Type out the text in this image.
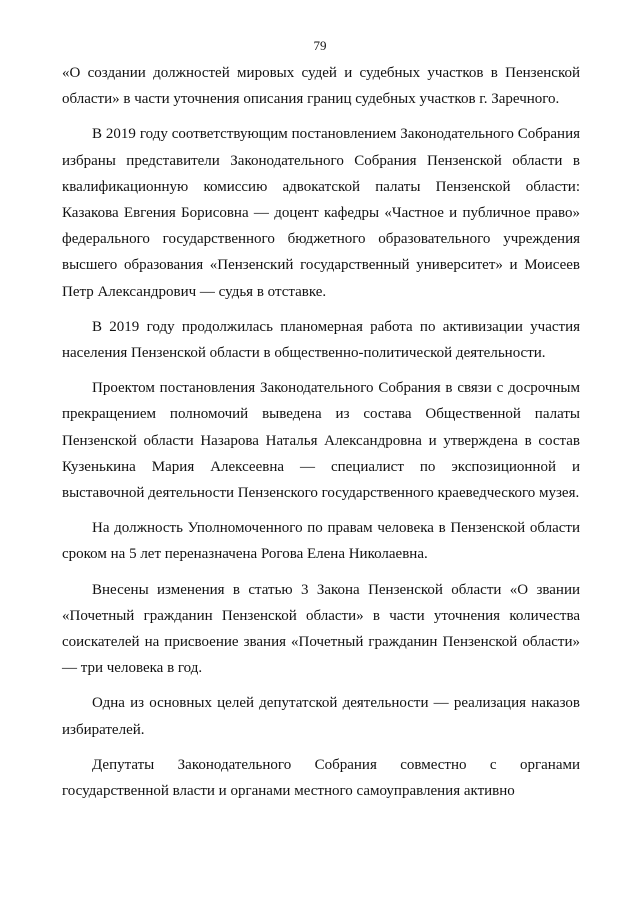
79

«О создании должностей мировых судей и судебных участков в Пензенской области» в части уточнения описания границ судебных участков г. Заречного.

В 2019 году соответствующим постановлением Законодательного Собрания избраны представители Законодательного Собрания Пензенской области в квалификационную комиссию адвокатской палаты Пензенской области: Казакова Евгения Борисовна — доцент кафедры «Частное и публичное право» федерального государственного бюджетного образовательного учреждения высшего образования «Пензенский государственный университет» и Моисеев Петр Александрович — судья в отставке.

В 2019 году продолжилась планомерная работа по активизации участия населения Пензенской области в общественно-политической деятельности.

Проектом постановления Законодательного Собрания в связи с досрочным прекращением полномочий выведена из состава Общественной палаты Пензенской области Назарова Наталья Александровна и утверждена в состав Кузенькина Мария Алексеевна — специалист по экспозиционной и выставочной деятельности Пензенского государственного краеведческого музея.

На должность Уполномоченного по правам человека в Пензенской области сроком на 5 лет переназначена Рогова Елена Николаевна.

Внесены изменения в статью 3 Закона Пензенской области «О звании «Почетный гражданин Пензенской области» в части уточнения количества соискателей на присвоение звания «Почетный гражданин Пензенской области» — три человека в год.

Одна из основных целей депутатской деятельности — реализация наказов избирателей.

Депутаты Законодательного Собрания совместно с органами государственной власти и органами местного самоуправления активно
